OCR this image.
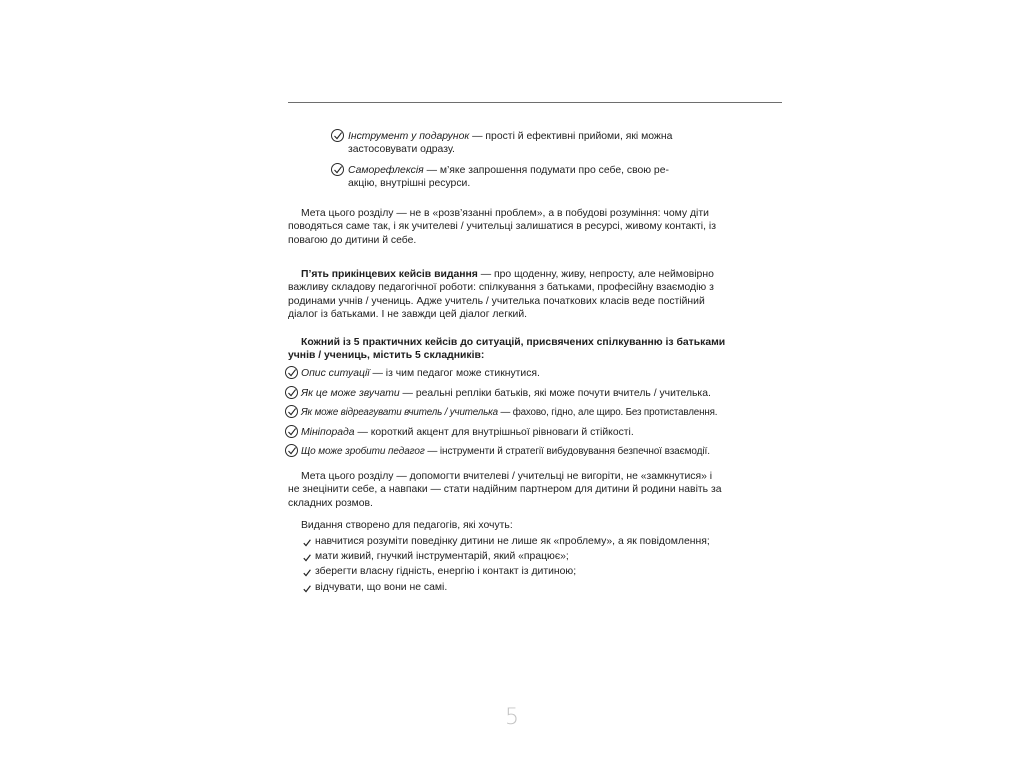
Інструмент у подарунок — прості й ефективні прийоми, які можна
застосовувати одразу.
Саморефлексія — м’яке запрошення подумати про себе, свою ре-
акцію, внутрішні ресурси.

Мета цього розділу — не в «розв’язанні проблем», а в побудові розуміння: чому діти поводяться саме так, і як учителеві / учительці залишатися в ресурсі, живому контакті, із повагою до дитини й себе.

П’ять прикінцевих кейсів видання — про щоденну, живу, непросту, але неймовірно важливу складову педагогічної роботи: спілкування з батьками, професійну взаємодію з родинами учнів / учениць. Адже учитель / учителька початкових класів веде постійний діалог із батьками. І не завжди цей діалог легкий.

Кожний із 5 практичних кейсів до ситуацій, присвячених спілкуванню із батьками учнів / учениць, містить 5 складників:

Опис ситуації — із чим педагог може стикнутися.
Як це може звучати — реальні репліки батьків, які може почути вчитель / учителька.
Як може відреагувати вчитель / учителька — фахово, гідно, але щиро. Без протиставлення.
Мініпорада — короткий акцент для внутрішньої рівноваги й стійкості.
Що може зробити педагог — інструменти й стратегії вибудовування безпечної взаємодії.

Мета цього розділу — допомогти вчителеві / учительці не вигоріти, не «замкнутися» і не знецінити себе, а навпаки — стати надійним партнером для дитини й родини навіть за складних розмов.

Видання створено для педагогів, які хочуть:

навчитися розуміти поведінку дитини не лише як «проблему», а як повідомлення;
мати живий, гнучкий інструментарій, який «працює»;
зберегти власну гідність, енергію і контакт із дитиною;
відчувати, що вони не самі.
5
